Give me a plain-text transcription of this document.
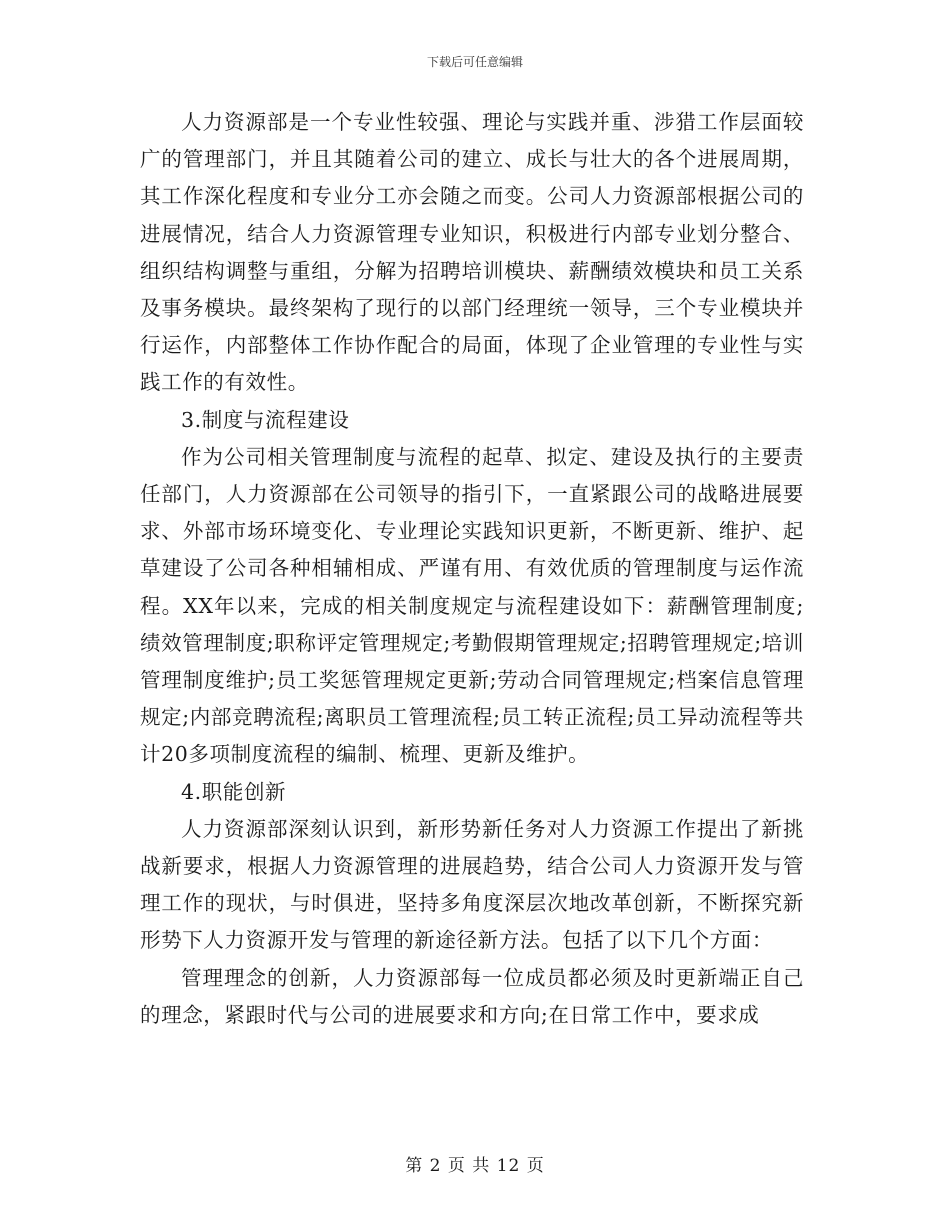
下载后可任意编辑

人力资源部是一个专业性较强、理论与实践并重、涉猎工作层面较广的管理部门，并且其随着公司的建立、成长与壮大的各个进展周期，其工作深化程度和专业分工亦会随之而变。公司人力资源部根据公司的进展情况，结合人力资源管理专业知识，积极进行内部专业划分整合、组织结构调整与重组，分解为招聘培训模块、薪酬绩效模块和员工关系及事务模块。最终架构了现行的以部门经理统一领导，三个专业模块并行运作，内部整体工作协作配合的局面，体现了企业管理的专业性与实践工作的有效性。

3.制度与流程建设

作为公司相关管理制度与流程的起草、拟定、建设及执行的主要责任部门，人力资源部在公司领导的指引下，一直紧跟公司的战略进展要求、外部市场环境变化、专业理论实践知识更新，不断更新、维护、起草建设了公司各种相辅相成、严谨有用、有效优质的管理制度与运作流程。XX年以来，完成的相关制度规定与流程建设如下：薪酬管理制度;绩效管理制度;职称评定管理规定;考勤假期管理规定;招聘管理规定;培训管理制度维护;员工奖惩管理规定更新;劳动合同管理规定;档案信息管理规定;内部竞聘流程;离职员工管理流程;员工转正流程;员工异动流程等共计20多项制度流程的编制、梳理、更新及维护。

4.职能创新

人力资源部深刻认识到，新形势新任务对人力资源工作提出了新挑战新要求，根据人力资源管理的进展趋势，结合公司人力资源开发与管理工作的现状，与时俱进，坚持多角度深层次地改革创新，不断探究新形势下人力资源开发与管理的新途径新方法。包括了以下几个方面：

管理理念的创新，人力资源部每一位成员都必须及时更新端正自己的理念，紧跟时代与公司的进展要求和方向;在日常工作中，要求成

第 2 页 共 12 页
